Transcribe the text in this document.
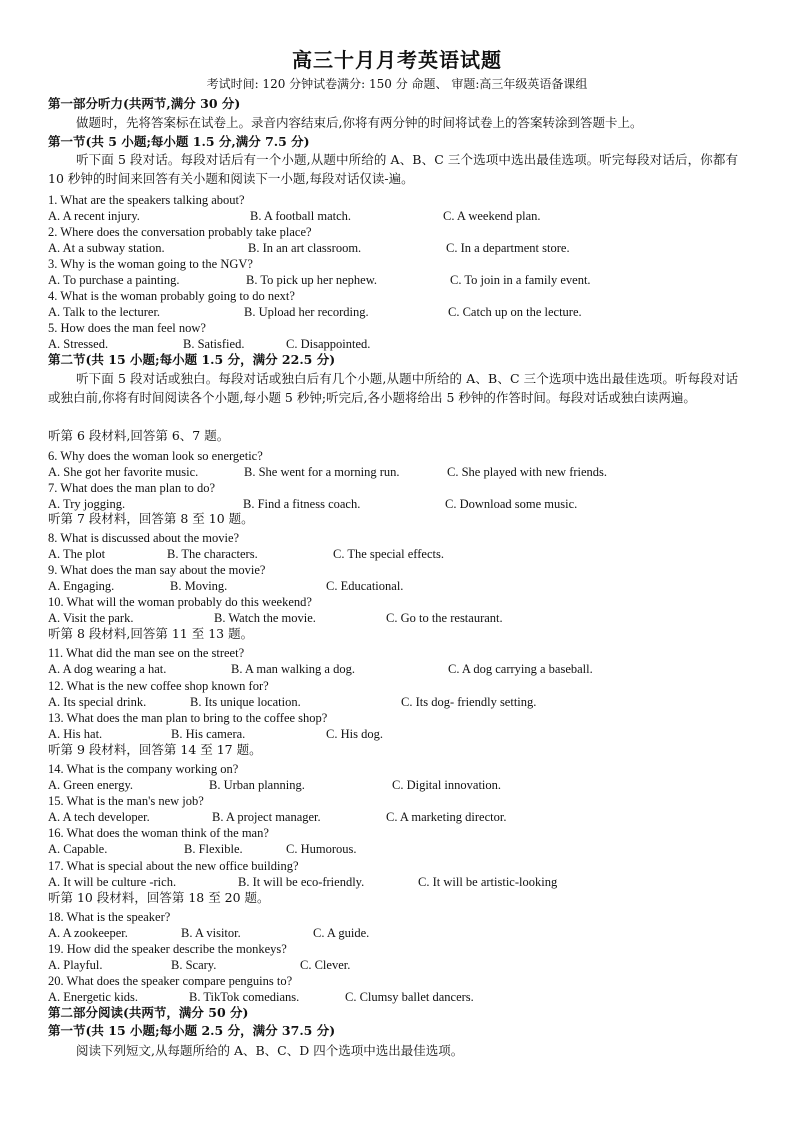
高三十月月考英语试题
考试时间: 120 分钟试卷满分: 150 分 命题、 审题:高三年级英语备课组
第一部分听力(共两节,满分 30 分)
做题时，先将答案标在试卷上。录音内容结束后,你将有两分钟的时间将试卷上的答案转涂到答题卡上。
第一节(共 5 小题;每小题 1.5 分,满分 7.5 分)
听下面 5 段对话。每段对话后有一个小题,从题中所给的 A、B、C 三个选项中选出最佳选项。听完每段对话后，你都有 10 秒钟的时间来回答有关小题和阅读下一小题,每段对话仅读-遍。
第二节(共 15 小题;每小题 1.5 分，满分 22.5 分)
听下面 5 段对话或独白。每段对话或独白后有几个小题,从题中所给的 A、B、C 三个选项中选出最佳选项。听每段对话或独白前,你将有时间阅读各个小题,每小题 5 秒钟;听完后,各小题将给出 5 秒钟的作答时间。每段对话或独白读两遍。
听第 6 段材料,回答第 6、7 题。
听第 7 段材料，回答第 8 至 10 题。
听第 8 段材料,回答第 11 至 13 题。
听第 9 段材料，回答第 14 至 17 题。
听第 10 段材料，回答第 18 至 20 题。
1. What are the speakers talking about?
A. A recent injury.	B. A football match.	C. A weekend plan.
2. Where does the conversation probably take place?
A. At a subway station.	B. In an art classroom.	C. In a department store.
3. Why is the woman going to the NGV?
A. To purchase a painting.	B. To pick up her nephew.	C. To join in a family event.
4. What is the woman probably going to do next?
A. Talk to the lecturer.	B. Upload her recording.	C. Catch up on the lecture.
5. How does the man feel now?
A. Stressed.	B. Satisfied.	C. Disappointed.
6. Why does the woman look so energetic?
A. She got her favorite music.	B. She went for a morning run.	C. She played with new friends.
7. What does the man plan to do?
A. Try jogging.	B. Find a fitness coach.	C. Download some music.
8. What is discussed about the movie?
A. The plot	B. The characters.	C. The special effects.
9. What does the man say about the movie?
A. Engaging.	B. Moving.	C. Educational.
10. What will the woman probably do this weekend?
A. Visit the park.	B. Watch the movie.	C. Go to the restaurant.
11. What did the man see on the street?
A. A dog wearing a hat.	B. A man walking a dog.	C. A dog carrying a baseball.
12. What is the new coffee shop known for?
A. Its special drink.	B. Its unique location.	C. Its dog- friendly setting.
13. What does the man plan to bring to the coffee shop?
A. His hat.	B. His camera.	C. His dog.
14. What is the company working on?
A. Green energy.	B. Urban planning.	C. Digital innovation.
15. What is the man's new job?
A. A tech developer.	B. A project manager.	C. A marketing director.
16. What does the woman think of the man?
A. Capable.	B. Flexible.	C. Humorous.
17. What is special about the new office building?
A. It will be culture -rich.	B. It will be eco-friendly.	C. It will be artistic-looking
18. What is the speaker?
A. A zookeeper.	B. A visitor.	C. A guide.
19. How did the speaker describe the monkeys?
A. Playful.	B. Scary.	C. Clever.
20. What does the speaker compare penguins to?
A. Energetic kids.	B. TikTok comedians.	C. Clumsy ballet dancers.
第二部分阅读(共两节，满分 50 分)
第一节(共 15 小题;每小题 2.5 分，满分 37.5 分)
阅读下列短文,从每题所给的 A、B、C、D 四个选项中选出最佳选项。
